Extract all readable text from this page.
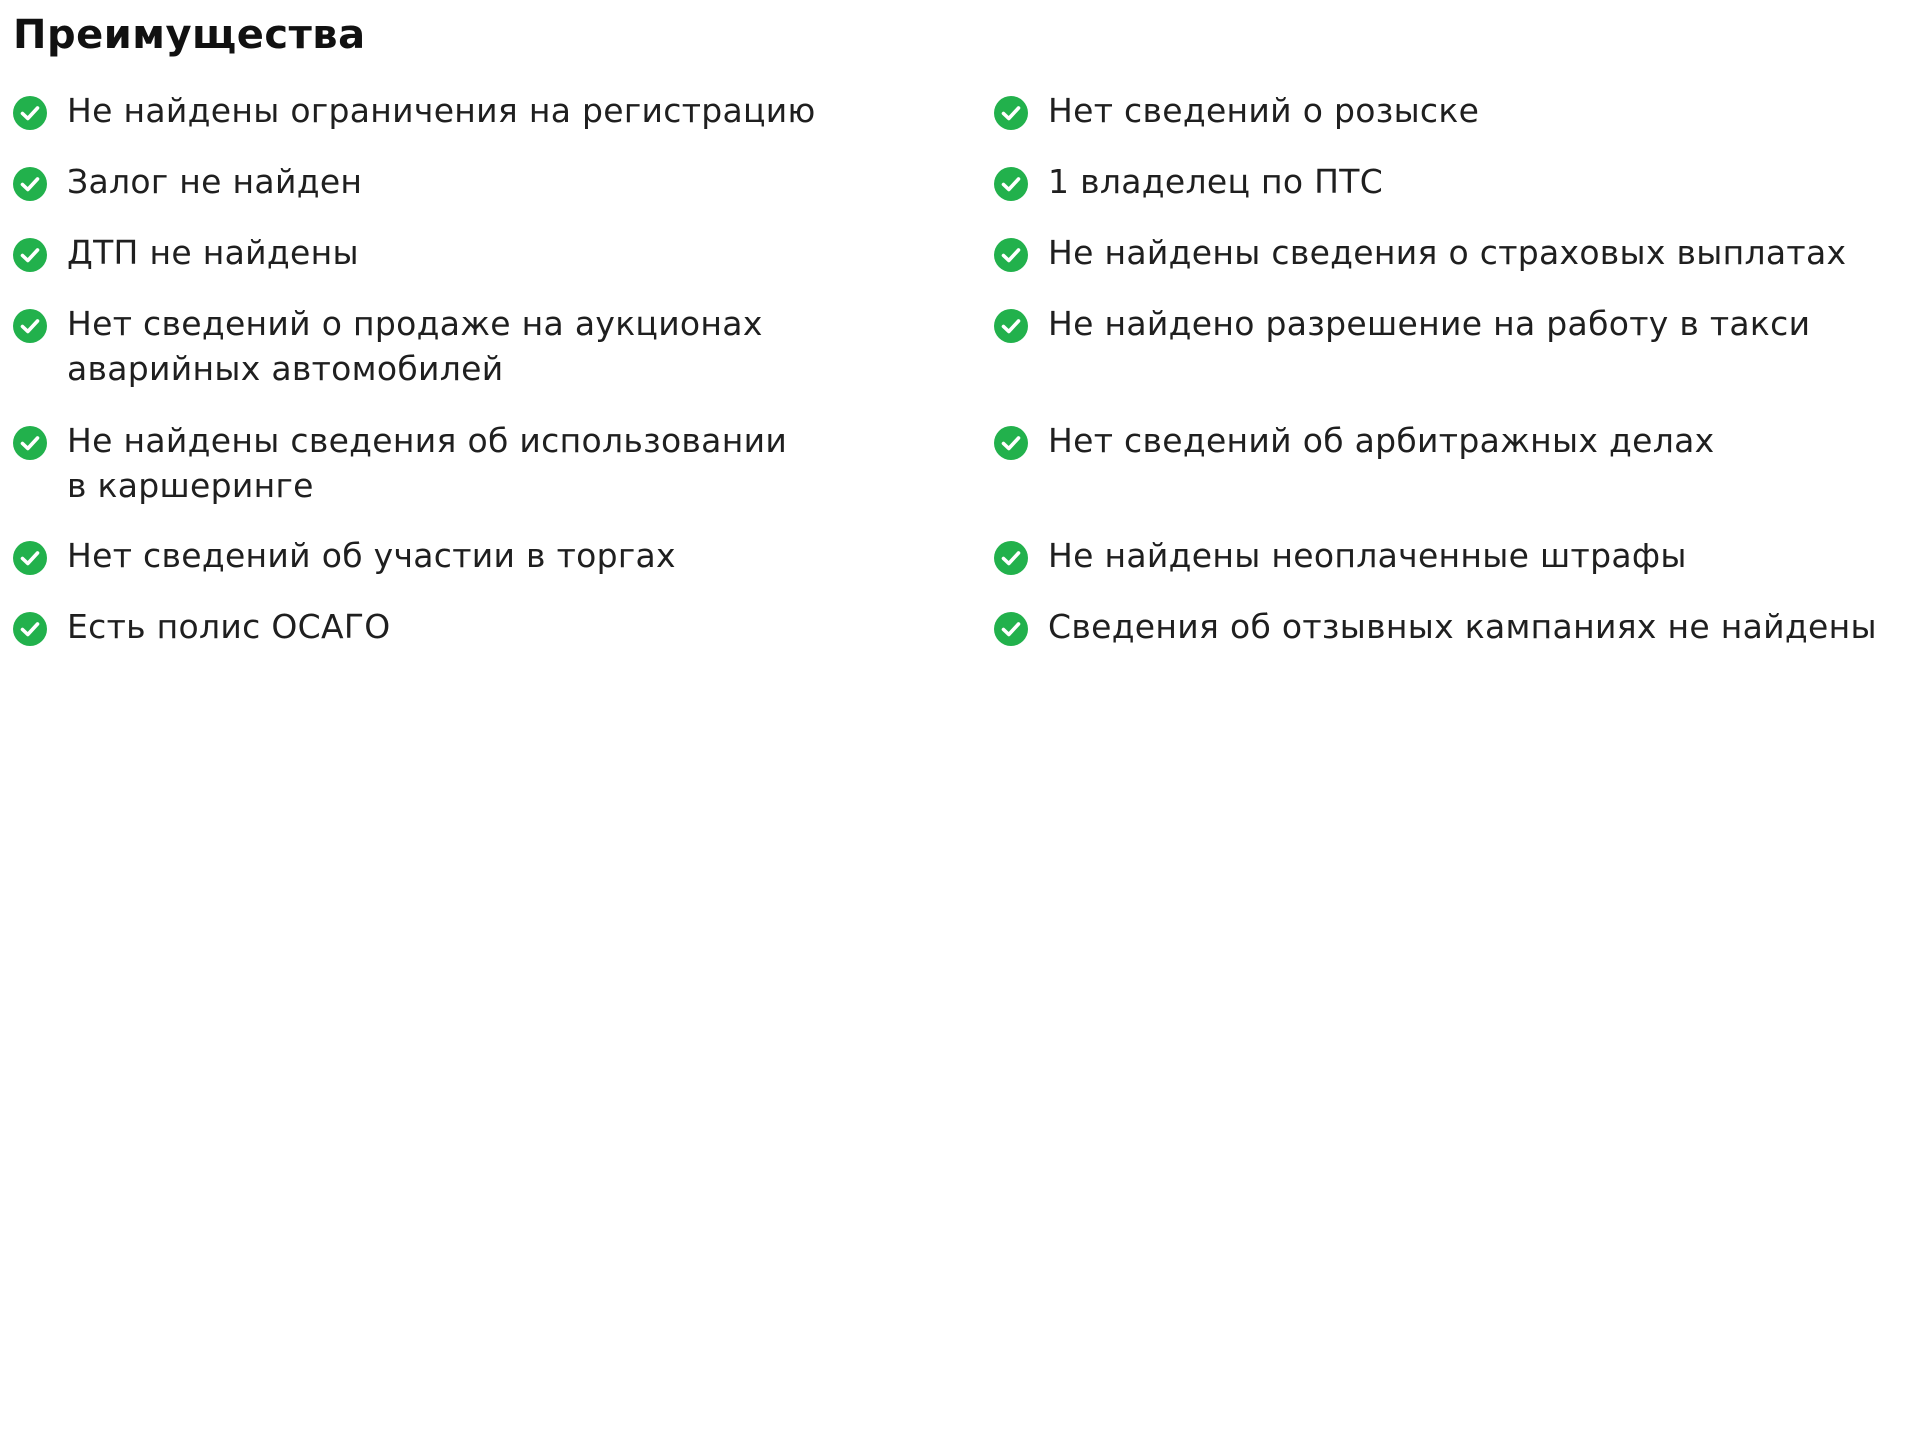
Преимущества
Не найдены ограничения на регистрацию
Залог не найден
ДТП не найдены
Нет сведений о продаже на аукционах аварийных автомобилей
Не найдены сведения об использовании в каршеринге
Нет сведений об участии в торгах
Есть полис ОСАГО
Нет сведений о розыске
1 владелец по ПТС
Не найдены сведения о страховых выплатах
Не найдено разрешение на работу в такси
Нет сведений об арбитражных делах
Не найдены неоплаченные штрафы
Сведения об отзывных кампаниях не найдены
